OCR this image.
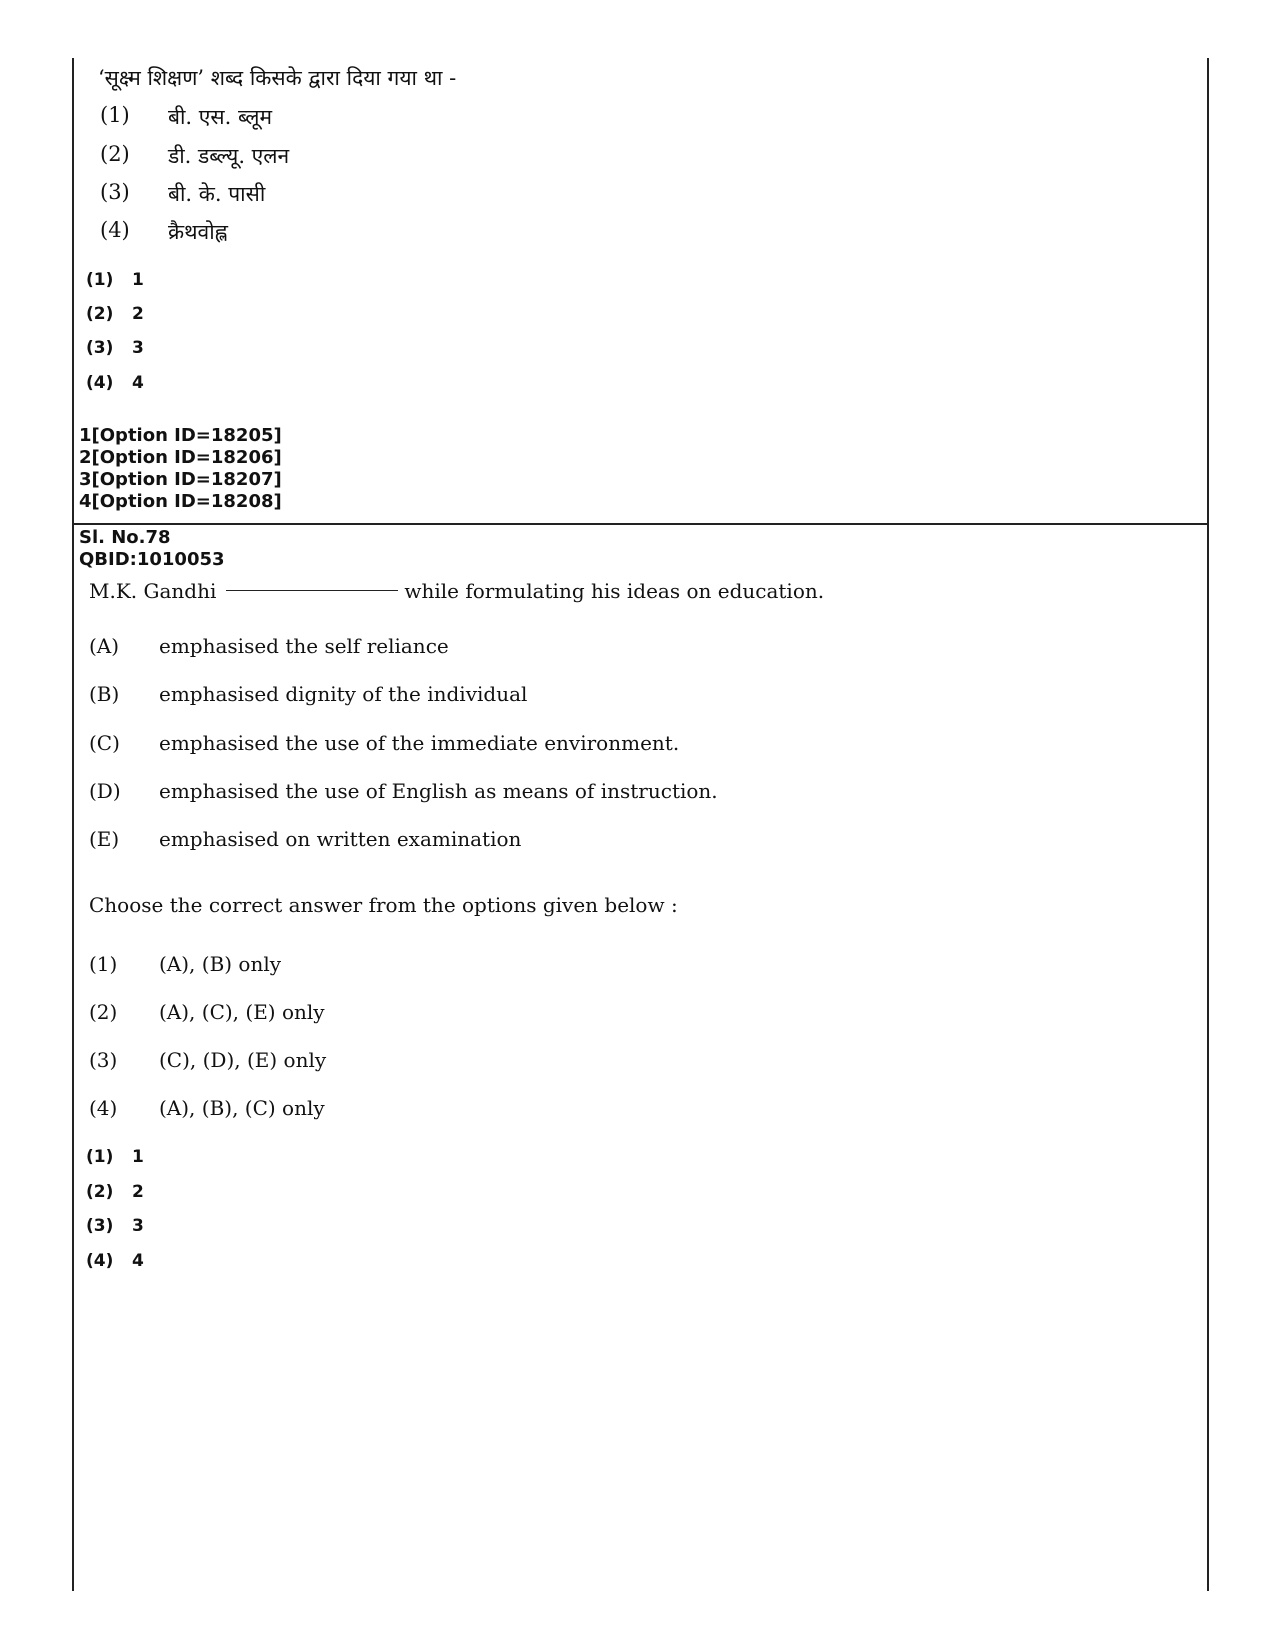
‘सूक्ष्म शिक्षण’ शब्द किसके द्वारा दिया गया था -
(1)	बी. एस. ब्लूम
(2)	डी. डब्ल्यू. एलन
(3)	बी. के. पासी
(4)	क्रैथवोह्ल
(1) 1
(2) 2
(3) 3
(4) 4
1[Option ID=18205]
2[Option ID=18206]
3[Option ID=18207]
4[Option ID=18208]
Sl. No.78
QBID:1010053
M.K. Gandhi	while formulating his ideas on education.
(A)	emphasised the self reliance
(B)	emphasised dignity of the individual
(C)	emphasised the use of the immediate environment.
(D)	emphasised the use of English as means of instruction.
(E)	emphasised on written examination
Choose the correct answer from the options given below :
(1)	(A), (B) only
(2)	(A), (C), (E) only
(3)	(C), (D), (E) only
(4)	(A), (B), (C) only
(1) 1
(2) 2
(3) 3
(4) 4
